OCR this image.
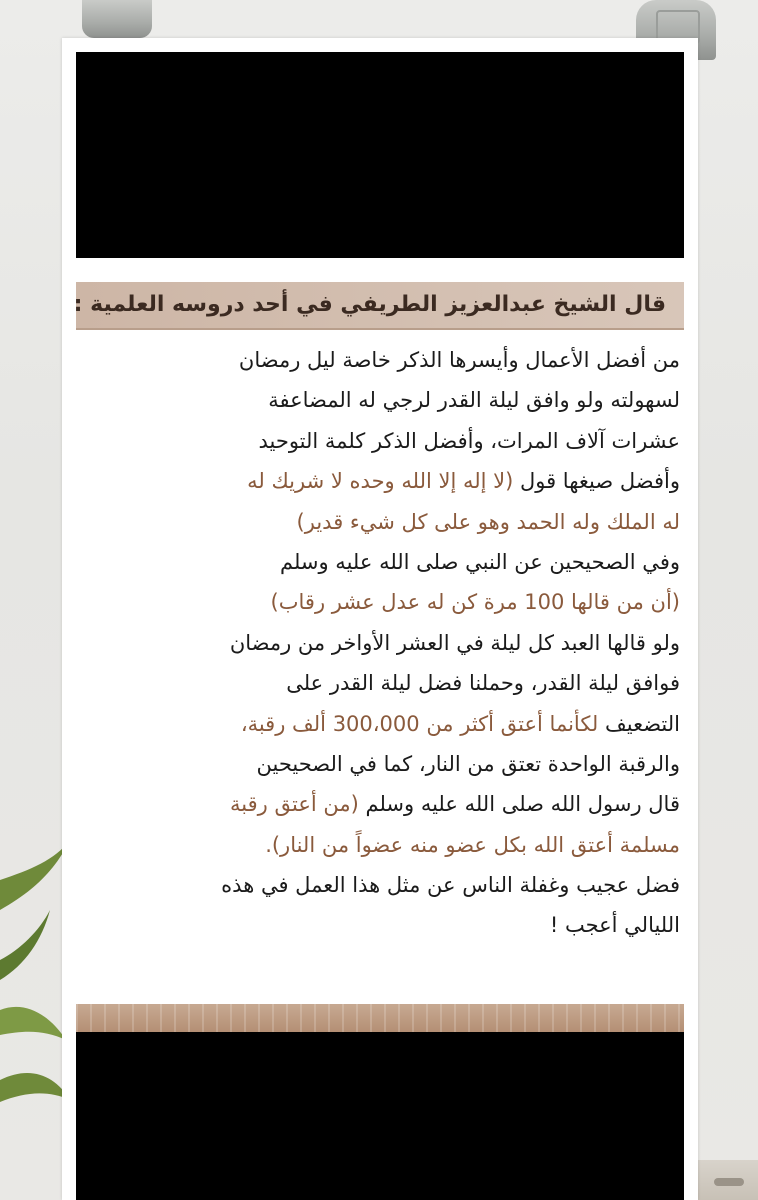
قال الشيخ عبدالعزيز الطريفي في أحد دروسه العلمية :
من أفضل الأعمال وأيسرها الذكر خاصة ليل رمضان
لسهولته ولو وافق ليلة القدر لرجي له المضاعفة
عشرات آلاف المرات، وأفضل الذكر كلمة التوحيد
وأفضل صيغها قول (لا إله إلا الله وحده لا شريك له
له الملك وله الحمد وهو على كل شيء قدير)
وفي الصحيحين عن النبي صلى الله عليه وسلم
(أن من قالها 100 مرة كن له عدل عشر رقاب)
ولو قالها العبد كل ليلة في العشر الأواخر من رمضان
فوافق ليلة القدر، وحملنا فضل ليلة القدر على
التضعيف لكأنما أعتق أكثر من 300،000 ألف رقبة،
والرقبة الواحدة تعتق من النار، كما في الصحيحين
قال رسول الله صلى الله عليه وسلم (من أعتق رقبة
مسلمة أعتق الله بكل عضو منه عضواً من النار).
فضل عجيب وغفلة الناس عن مثل هذا العمل في هذه
الليالي أعجب !
